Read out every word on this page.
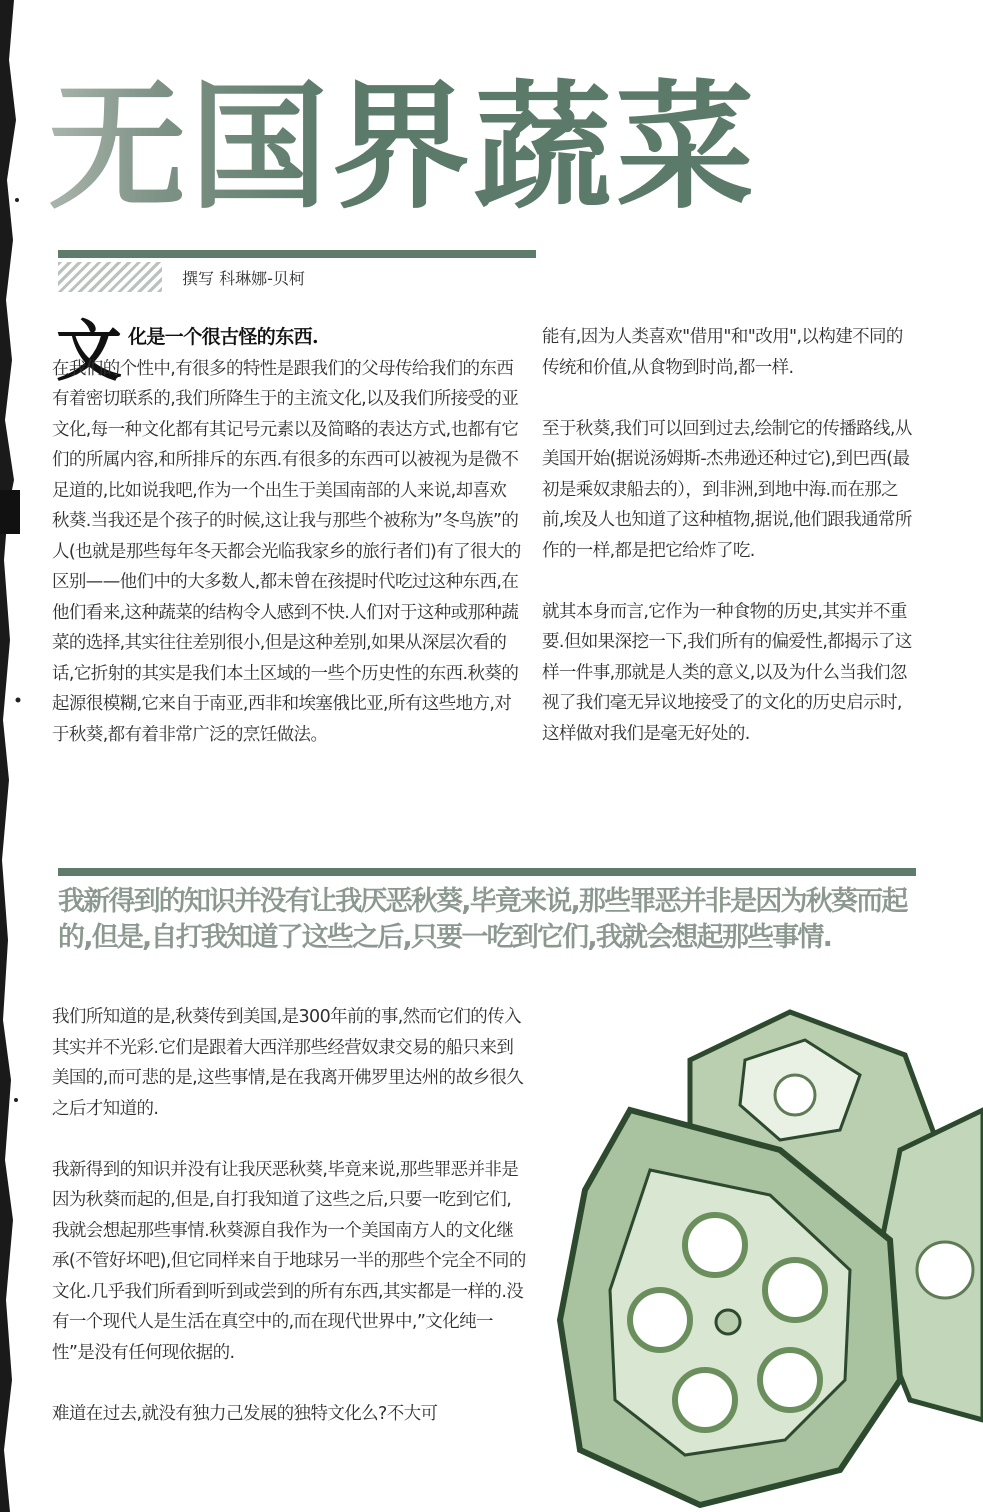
无国界蔬菜
撰写 科琳娜-贝柯
文 化是一个很古怪的东西.
在我们的个性中,有很多的特性是跟我们的父母传给我们的东西有着密切联系的,我们所降生于的主流文化,以及我们所接受的亚文化,每一种文化都有其记号元素以及简略的表达方式,也都有它们的所属内容,和所排斥的东西.有很多的东西可以被视为是微不足道的,比如说我吧,作为一个出生于美国南部的人来说,却喜欢秋葵.当我还是个孩子的时候,这让我与那些个被称为”冬鸟族”的人(也就是那些每年冬天都会光临我家乡的旅行者们)有了很大的区别——他们中的大多数人,都未曾在孩提时代吃过这种东西,在他们看来,这种蔬菜的结构令人感到不快.人们对于这种或那种蔬菜的选择,其实往往差别很小,但是这种差别,如果从深层次看的话,它折射的其实是我们本土区域的一些个历史性的东西.秋葵的起源很模糊,它来自于南亚,西非和埃塞俄比亚,所有这些地方,对于秋葵,都有着非常广泛的烹饪做法。

能有,因为人类喜欢"借用"和"改用",以构建不同的传统和价值,从食物到时尚,都一样.

至于秋葵,我们可以回到过去,绘制它的传播路线,从美国开始(据说汤姆斯-杰弗逊还种过它),到巴西(最初是乘奴隶船去的），到非洲,到地中海.而在那之前,埃及人也知道了这种植物,据说,他们跟我通常所作的一样,都是把它给炸了吃.

就其本身而言,它作为一种食物的历史,其实并不重要.但如果深挖一下,我们所有的偏爱性,都揭示了这样一件事,那就是人类的意义,以及为什么当我们忽视了我们毫无异议地接受了的文化的历史启示时,这样做对我们是毫无好处的.

我新得到的知识并没有让我厌恶秋葵,毕竟来说,那些罪恶并非是因为秋葵而起的,但是,自打我知道了这些之后,只要一吃到它们,我就会想起那些事情.

我们所知道的是,秋葵传到美国,是300年前的事,然而它们的传入其实并不光彩.它们是跟着大西洋那些经营奴隶交易的船只来到美国的,而可悲的是,这些事情,是在我离开佛罗里达州的故乡很久之后才知道的.

我新得到的知识并没有让我厌恶秋葵,毕竟来说,那些罪恶并非是因为秋葵而起的,但是,自打我知道了这些之后,只要一吃到它们,我就会想起那些事情.秋葵源自我作为一个美国南方人的文化继承(不管好坏吧),但它同样来自于地球另一半的那些个完全不同的文化.几乎我们所看到听到或尝到的所有东西,其实都是一样的.没有一个现代人是生活在真空中的,而在现代世界中,”文化纯一性”是没有任何现依据的.

难道在过去,就没有独力己发展的独特文化么?不大可
